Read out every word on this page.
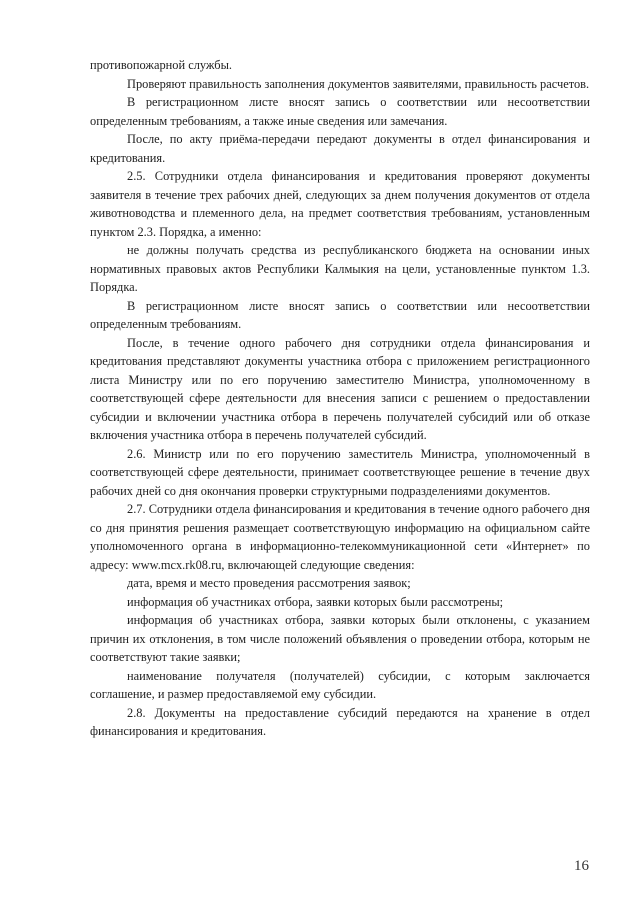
противопожарной службы.

Проверяют правильность заполнения документов заявителями, правильность расчетов.

В регистрационном листе вносят запись о соответствии или несоответствии определенным требованиям, а также иные сведения или замечания.

После, по акту приёма-передачи передают документы в отдел финансирования и кредитования.

2.5. Сотрудники отдела финансирования и кредитования проверяют документы заявителя в течение трех рабочих дней, следующих за днем получения документов от отдела животноводства и племенного дела, на предмет соответствия требованиям, установленным пунктом 2.3. Порядка, а именно:

не должны получать средства из республиканского бюджета на основании иных нормативных правовых актов Республики Калмыкия на цели, установленные пунктом 1.3. Порядка.

В регистрационном листе вносят запись о соответствии или несоответствии определенным требованиям.

После, в течение одного рабочего дня сотрудники отдела финансирования и кредитования представляют документы участника отбора с приложением регистрационного листа Министру или по его поручению заместителю Министра, уполномоченному в соответствующей сфере деятельности для внесения записи с решением о предоставлении субсидии и включении участника отбора в перечень получателей субсидий или об отказе включения участника отбора в перечень получателей субсидий.

2.6. Министр или по его поручению заместитель Министра, уполномоченный в соответствующей сфере деятельности, принимает соответствующее решение в течение двух рабочих дней со дня окончания проверки структурными подразделениями документов.

2.7. Сотрудники отдела финансирования и кредитования в течение одного рабочего дня со дня принятия решения размещает соответствующую информацию на официальном сайте уполномоченного органа в информационно-телекоммуникационной сети «Интернет» по адресу: www.mcx.rk08.ru, включающей следующие сведения:

дата, время и место проведения рассмотрения заявок;

информация об участниках отбора, заявки которых были рассмотрены;

информация об участниках отбора, заявки которых были отклонены, с указанием причин их отклонения, в том числе положений объявления о проведении отбора, которым не соответствуют такие заявки;

наименование получателя (получателей) субсидии, с которым заключается соглашение, и размер предоставляемой ему субсидии.

2.8. Документы на предоставление субсидий передаются на хранение в отдел финансирования и кредитования.

16
